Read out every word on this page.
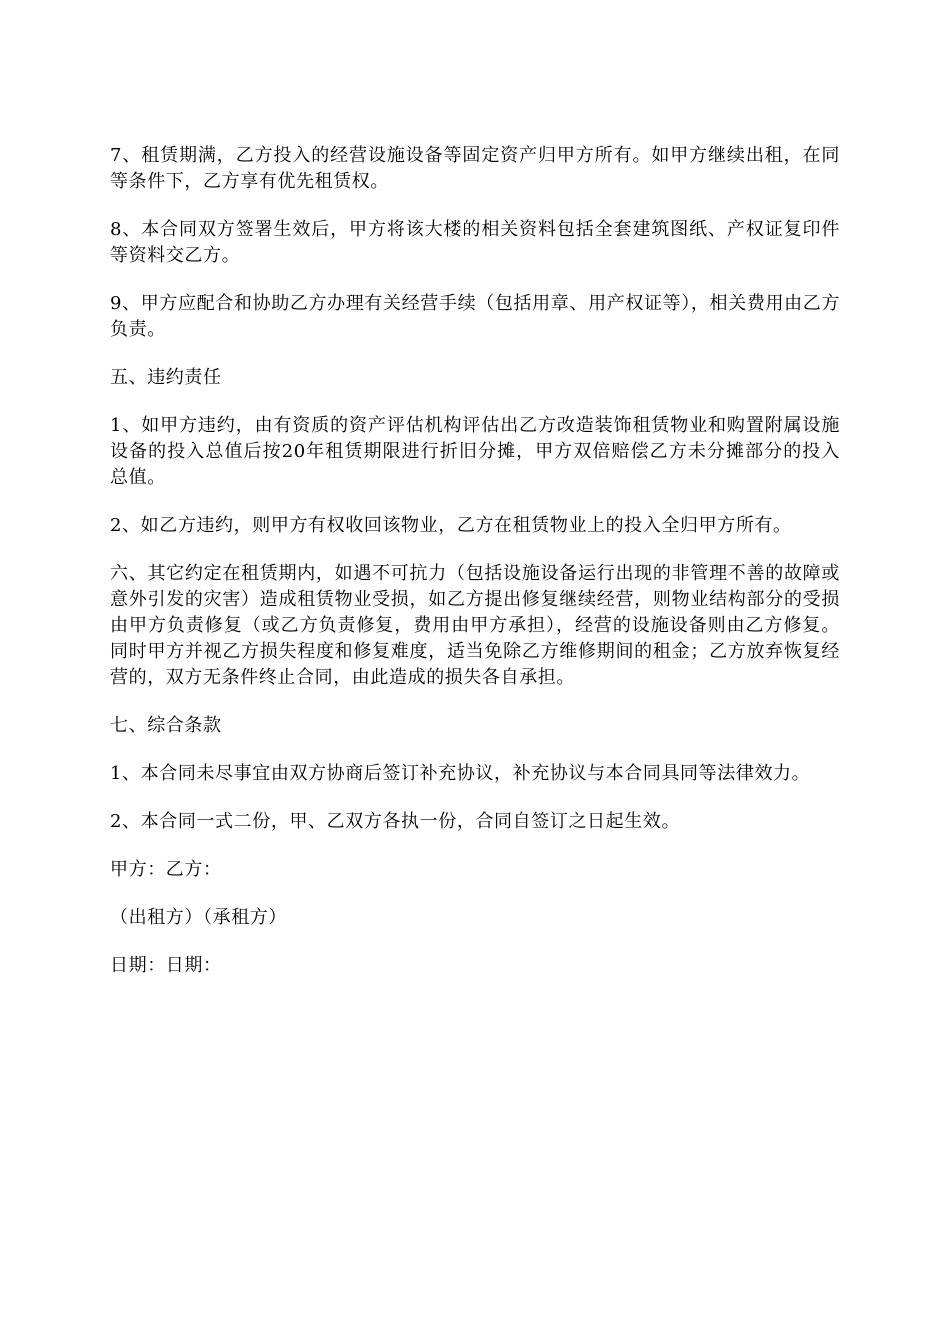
7、租赁期满，乙方投入的经营设施设备等固定资产归甲方所有。如甲方继续出租，在同等条件下，乙方享有优先租赁权。

8、本合同双方签署生效后，甲方将该大楼的相关资料包括全套建筑图纸、产权证复印件等资料交乙方。

9、甲方应配合和协助乙方办理有关经营手续（包括用章、用产权证等），相关费用由乙方负责。

五、违约责任

1、如甲方违约，由有资质的资产评估机构评估出乙方改造装饰租赁物业和购置附属设施设备的投入总值后按20年租赁期限进行折旧分摊，甲方双倍赔偿乙方未分摊部分的投入总值。

2、如乙方违约，则甲方有权收回该物业，乙方在租赁物业上的投入全归甲方所有。

六、其它约定在租赁期内，如遇不可抗力（包括设施设备运行出现的非管理不善的故障或意外引发的灾害）造成租赁物业受损，如乙方提出修复继续经营，则物业结构部分的受损由甲方负责修复（或乙方负责修复，费用由甲方承担），经营的设施设备则由乙方修复。同时甲方并视乙方损失程度和修复难度，适当免除乙方维修期间的租金；乙方放弃恢复经营的，双方无条件终止合同，由此造成的损失各自承担。

七、综合条款

1、本合同未尽事宜由双方协商后签订补充协议，补充协议与本合同具同等法律效力。

2、本合同一式二份，甲、乙双方各执一份，合同自签订之日起生效。

甲方：乙方：

（出租方）（承租方）

日期：日期：
